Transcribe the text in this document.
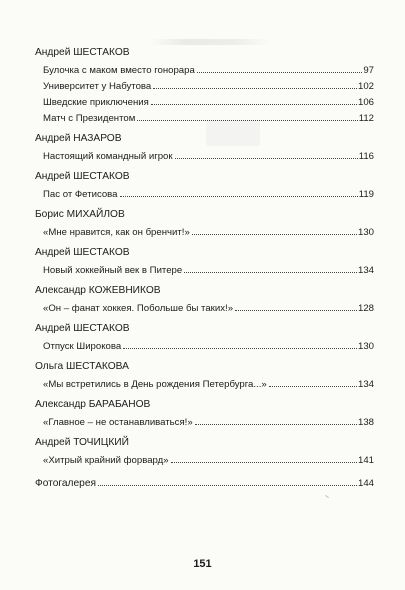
Андрей ШЕСТАКОВ
Булочка с маком вместо гонорара	97
Университет у Набутова	102
Шведские приключения	106
Матч с Президентом	112
Андрей НАЗАРОВ
Настоящий командный игрок	116
Андрей ШЕСТАКОВ
Пас от Фетисова	119
Борис МИХАЙЛОВ
«Мне нравится, как он бренчит!»	130
Андрей ШЕСТАКОВ
Новый хоккейный век в Питере	134
Александр КОЖЕВНИКОВ
«Он – фанат хоккея. Побольше бы таких!»	128
Андрей ШЕСТАКОВ
Отпуск Широкова	130
Ольга ШЕСТАКОВА
«Мы встретились в День рождения Петербурга...»	134
Александр БАРАБАНОВ
«Главное – не останавливаться!»	138
Андрей ТОЧИЦКИЙ
«Хитрый крайний форвард»	141
Фотогалерея	144
151
